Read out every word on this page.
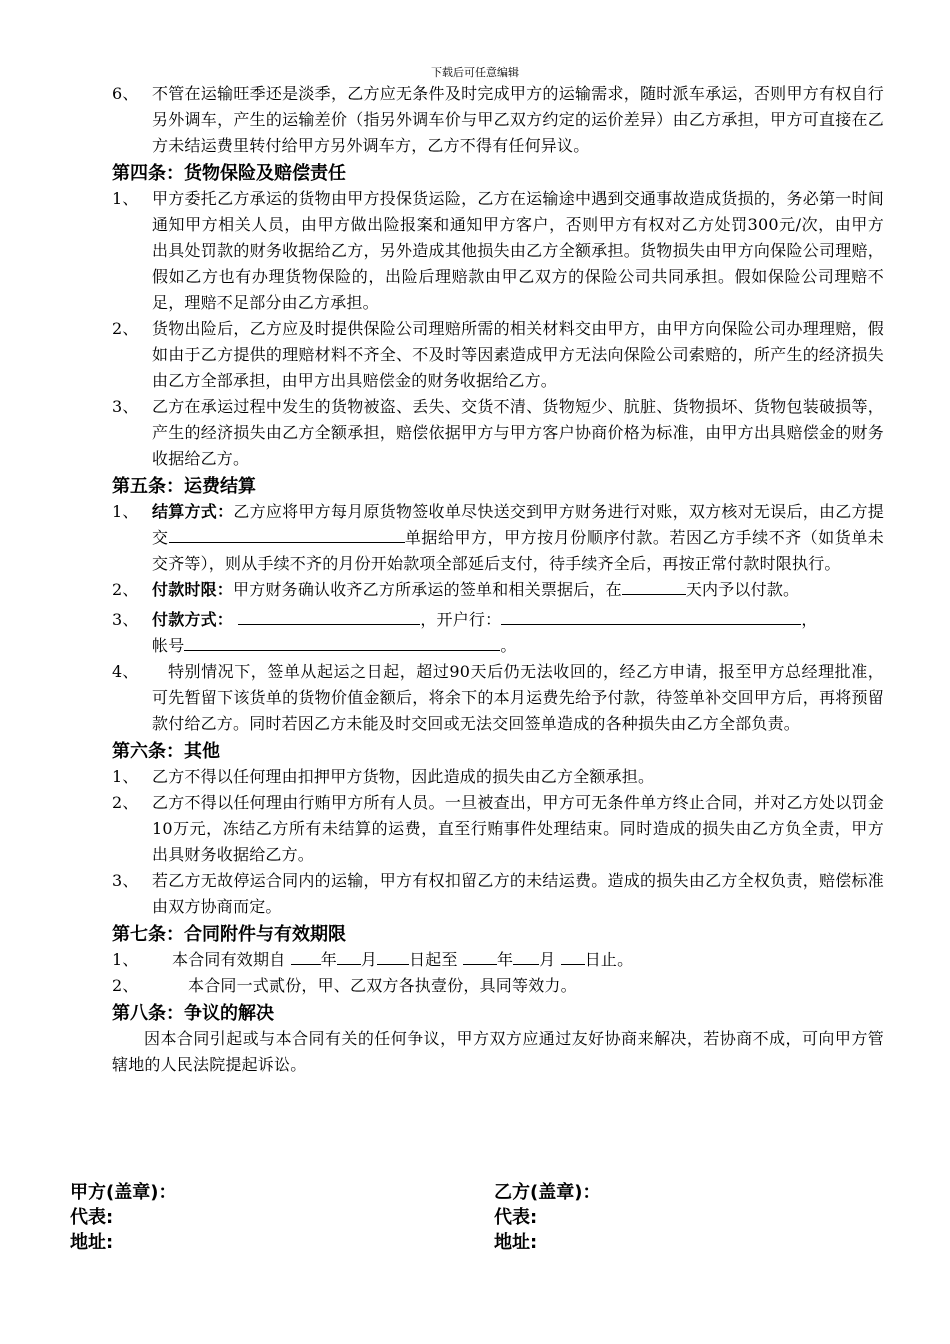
下载后可任意编辑
6、 不管在运输旺季还是淡季，乙方应无条件及时完成甲方的运输需求，随时派车承运，否则甲方有权自行另外调车，产生的运输差价（指另外调车价与甲乙双方约定的运价差异）由乙方承担，甲方可直接在乙方未结运费里转付给甲方另外调车方，乙方不得有任何异议。
第四条：货物保险及赔偿责任
1、 甲方委托乙方承运的货物由甲方投保货运险，乙方在运输途中遇到交通事故造成货损的，务必第一时间通知甲方相关人员，由甲方做出险报案和通知甲方客户，否则甲方有权对乙方处罚300元/次，由甲方出具处罚款的财务收据给乙方，另外造成其他损失由乙方全额承担。货物损失由甲方向保险公司理赔，假如乙方也有办理货物保险的，出险后理赔款由甲乙双方的保险公司共同承担。假如保险公司理赔不足，理赔不足部分由乙方承担。
2、 货物出险后，乙方应及时提供保险公司理赔所需的相关材料交由甲方，由甲方向保险公司办理理赔，假如由于乙方提供的理赔材料不齐全、不及时等因素造成甲方无法向保险公司索赔的，所产生的经济损失由乙方全部承担，由甲方出具赔偿金的财务收据给乙方。
3、 乙方在承运过程中发生的货物被盗、丢失、交货不清、货物短少、肮脏、货物损坏、货物包装破损等，产生的经济损失由乙方全额承担，赔偿依据甲方与甲方客户协商价格为标准，由甲方出具赔偿金的财务收据给乙方。
第五条：运费结算
1、 结算方式：乙方应将甲方每月原货物签收单尽快送交到甲方财务进行对账，双方核对无误后，由乙方提交	单据给甲方，甲方按月份顺序付款。若因乙方手续不齐（如货单未交齐等），则从手续不齐的月份开始款项全部延后支付，待手续齐全后，再按正常付款时限执行。
2、 付款时限：甲方财务确认收齐乙方所承运的签单和相关票据后，在	天内予以付款。
3、 付款方式：	，开户行：	，
帐号	。
4、	特别情况下，签单从起运之日起，超过90天后仍无法收回的，经乙方申请，报至甲方总经理批准，可先暂留下该货单的货物价值金额后，将余下的本月运费先给予付款，待签单补交回甲方后，再将预留款付给乙方。同时若因乙方未能及时交回或无法交回签单造成的各种损失由乙方全部负责。
第六条：其他
1、 乙方不得以任何理由扣押甲方货物，因此造成的损失由乙方全额承担。
2、 乙方不得以任何理由行贿甲方所有人员。一旦被查出，甲方可无条件单方终止合同，并对乙方处以罚金10万元，冻结乙方所有未结算的运费，直至行贿事件处理结束。同时造成的损失由乙方负全责，甲方出具财务收据给乙方。
3、 若乙方无故停运合同内的运输，甲方有权扣留乙方的未结运费。造成的损失由乙方全权负责，赔偿标准由双方协商而定。
第七条：合同附件与有效期限
1、	本合同有效期自 年 月 日起至 年 月 日止。
2、	本合同一式贰份，甲、乙双方各执壹份，具同等效力。
第八条：争议的解决
因本合同引起或与本合同有关的任何争议，甲方双方应通过友好协商来解决，若协商不成，可向甲方管辖地的人民法院提起诉讼。
甲方(盖章)：
代表:
地址:
乙方(盖章)：
代表:
地址:
